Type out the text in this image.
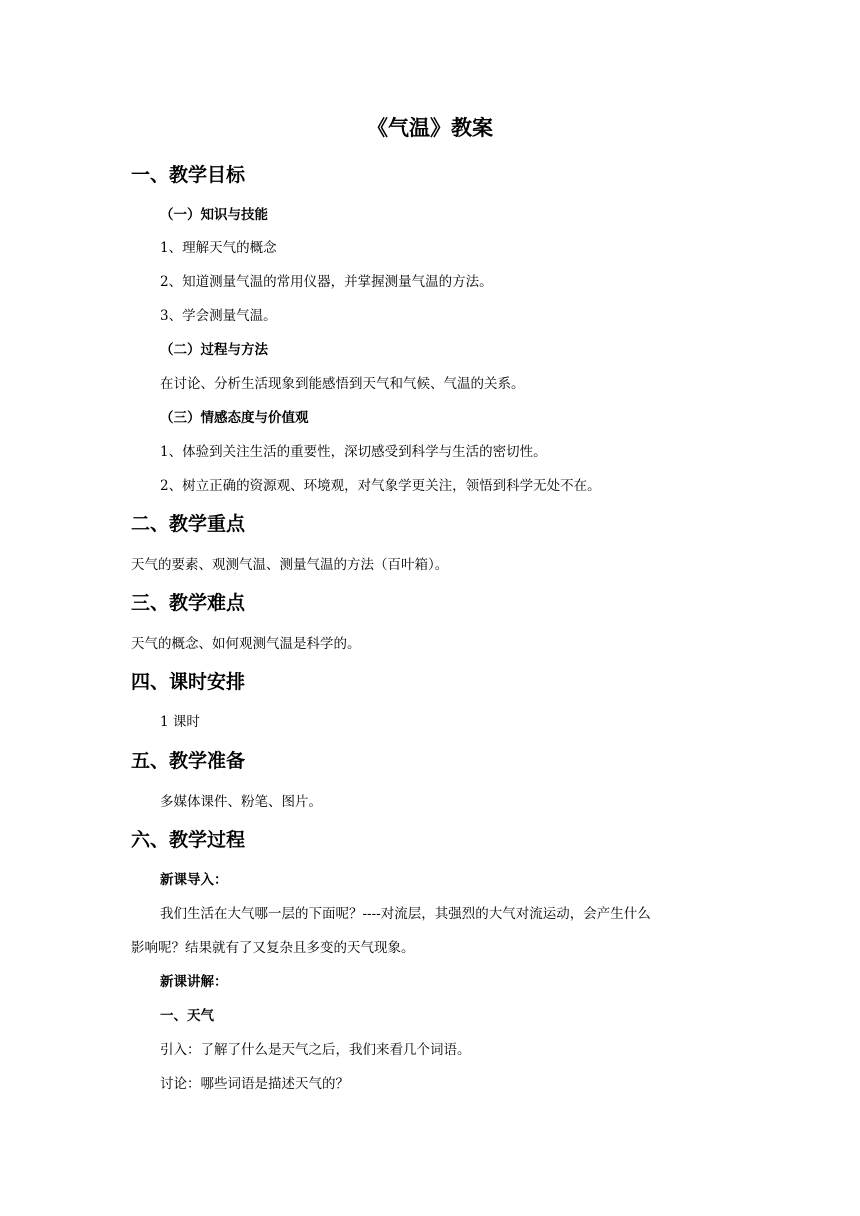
《气温》教案
一、教学目标
（一）知识与技能
1、理解天气的概念
2、知道测量气温的常用仪器，并掌握测量气温的方法。
3、学会测量气温。
（二）过程与方法
在讨论、分析生活现象到能感悟到天气和气候、气温的关系。
（三）情感态度与价值观
1、体验到关注生活的重要性，深切感受到科学与生活的密切性。
2、树立正确的资源观、环境观，对气象学更关注，领悟到科学无处不在。
二、教学重点
天气的要素、观测气温、测量气温的方法（百叶箱）。
三、教学难点
天气的概念、如何观测气温是科学的。
四、课时安排
1 课时
五、教学准备
多媒体课件、粉笔、图片。
六、教学过程
新课导入：
我们生活在大气哪一层的下面呢？----对流层，其强烈的大气对流运动，会产生什么
影响呢？结果就有了又复杂且多变的天气现象。
新课讲解：
一、天气
引入：了解了什么是天气之后，我们来看几个词语。
讨论：哪些词语是描述天气的？
